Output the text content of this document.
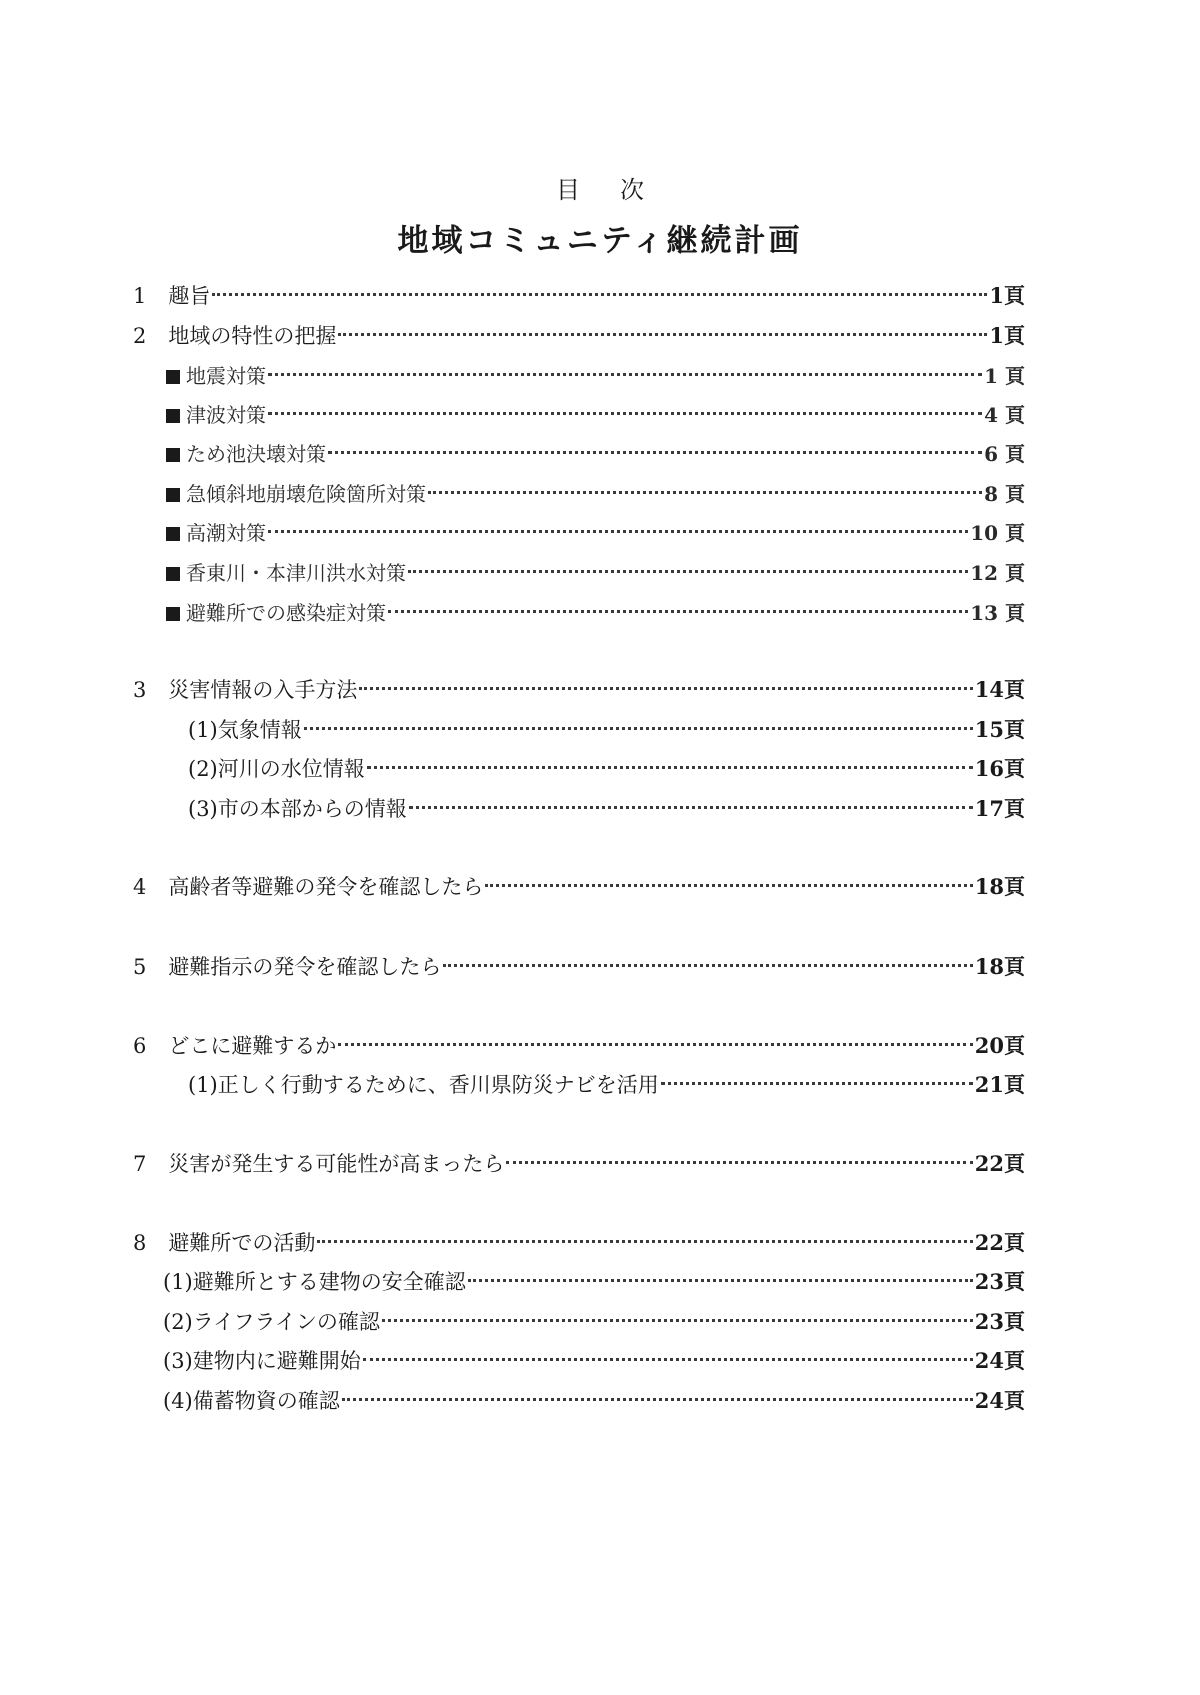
目次
地域コミュニティ継続計画
1 趣旨	1頁
2 地域の特性の把握	1頁
地震対策	1 頁
津波対策	4 頁
ため池決壊対策	6 頁
急傾斜地崩壊危険箇所対策	8 頁
高潮対策	10 頁
香東川・本津川洪水対策	12 頁
避難所での感染症対策	13 頁
3 災害情報の入手方法	14頁
(1)気象情報	15頁
(2)河川の水位情報	16頁
(3)市の本部からの情報	17頁
4 高齢者等避難の発令を確認したら	18頁
5 避難指示の発令を確認したら	18頁
6 どこに避難するか	20頁
(1)正しく行動するために、香川県防災ナビを活用	21頁
7 災害が発生する可能性が高まったら	22頁
8 避難所での活動	22頁
(1)避難所とする建物の安全確認	23頁
(2)ライフラインの確認	23頁
(3)建物内に避難開始	24頁
(4)備蓄物資の確認	24頁
